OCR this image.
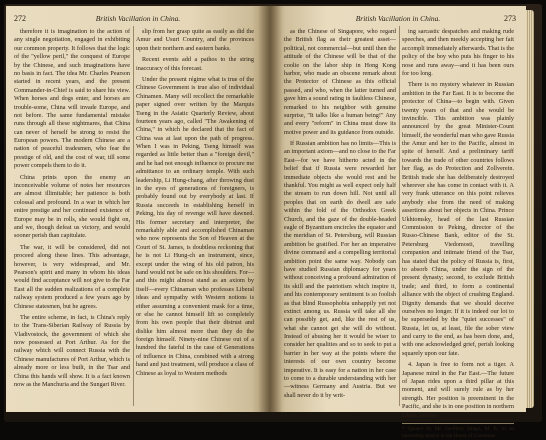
272	British Vacillation in China.

therefore it is imagination to the action of any single negotiation, engaged in exhibiting our common property. It follows that the logic of the "yellow peril," the conquest of Europe by the Chinese, and such imaginations have no basis in fact. The idea Mr. Charles Pearson started in recent years, and the present Commander-in-Chief is said to share his view. When horses and dogs enter, and horses are trouble-some, China will invade Europe, and not before. The same fundamental mistake runs through all these nightmares, that China can never of herself be strong to resist the European powers. The modern Chinese are a nation of peaceful tradesmen, who fear the prestige of old, and the cost of war, till some power compels them to do it.

China prints upon the enemy an inconceivable volume of notes her resources are almost illimitable; her patience is both colossal and profound. In a war in which her entire prestige and her continued existence of Europe may be in rolls, she would fight on, and we, though defeat us victory, and would sooner perish than capitulate.

The war, it will be considered, did not proceed along these lines. This advantage, however, is very widespread, and Mr. Pearson's spirit and many in whom his ideas would find acceptance will not give to the Far East all the sudden realizations of a complete railway system produced a few years ago by Chinese statesmen, but he agrees.

The entire scheme, in fact, is China's reply to the Trans-Siberian Railway of Russia by Vladivostock, the government of which she now possessed at Port Arthur. As for the railway which will connect Russia with the Chinese manufactures of Port Arthur, which is already more or less built, in the Tsar and China this hands will show. It is a fact known now as the Manchuria and the Sungari River.

slip from her grasp quite as easily as did the Amur and Usuri Country, and the provinces upon their northern and eastern banks.

Recent events add a pathos to the string inaccuracy of this forecast.

Under the present régime what is true of the Chinese Government is true also of individual Chinamen. Many will recollect the remarkable paper signed over written by the Marquis Tseng in the Asiatic Quarterly Review, about fourteen years ago, called "The Awakening of China," in which he declared that the fact of China was at last upon the path of progress. When I was in Peking, Tseng himself was regarded as little better than a "foreign devil," and he had not enough influence to procure me admittance to an ordinary temple. With such leadership, Li Hung-chang, after throwing dust in the eyes of generations of foreigners, is probably found out by everybody at last. If Russia succeeds in establishing herself in Peking, his day of revenge will have dawned. His former secretary and interpreter, the remarkably able and accomplished Chinaman who now represents the Son of Heaven at the Court of St. James, is doubtless reckoning that he is not Li Hung-ch an instrument, since, except under the wing of his old patron, his hand would not be safe on his shoulders. For—and this might almost stand as an axiom by itself—every Chinaman who professes Liberal ideas and sympathy with Western notions is either assuming a convenient mask for a time, or else he cannot himself lift so completely from his own people that their distrust and dislike him almost more than they do the foreign himself. Ninety-nine Chinese out of a hundred the fateful in the case of Generations of influence in China, combined with a strong hand and just treatment, will produce a class of Chinese as loyal to Western methods

British Vacillation in China.	273

as the Chinese of Singapore, who regard the British flag as their greatest asset—political, not commercial—but until then the attitude of the Chinese will be that of the coolie on the labor ship in Hong Kong harbor, who made an obscene remark about the Protector of Chinese as this official passed, and who, when the latter turned and gave him a sound rating in faultless Chinese, remarked to his neighbor with genuine surprise, "It talks like a human being!" Any and every "reform" in China must draw its motive power and its guidance from outside.

If Russian ambition has no limits—This is an important axiom—and no close to the Far East—for we have hitherto acted in the belief that if Russia were rewarded her immediate objects she would rest and be thankful. You might as well expect only half the stream to run down hill. Not until all peoples that on earth do dwell are safe within the fold of the Orthodox Greek Church, and the gaze of the double-headed eagle of Byzantium encircles the equator and the meridian of St. Petersburg, will Russian ambition be gratified. For her an imperative divine command and a compelling territorial ambition point the same way. Nobody can have studied Russian diplomacy for years without conceiving a profound admiration of its skill and the patriotism which inspire it, and his contemporary sentiment is so foolish as that blind Russophobia unhappily yet not extinct among us. Russia will take all she can possibly get, and, like the rest of us, what she cannot get she will do without. Instead of abusing her it would be wiser to consider her qualities and so to seek to put a barrier in her way at the points where the interests of our own country become imperative. It is easy for a nation in her case to come to a durable understanding with her—witness Germany and Austria. But we shall never do it by writ-

ing sarcastic despatches and making rude speeches, and then meekly accepting her fait accompli immediately afterwards. That is the policy of the boy who puts his finger to his nose and runs away—and it has been ours for too long.

There is no mystery whatever in Russian ambition in the Far East. It is to become the protector of China—to begin with. Given twenty years of that and she would be invincible. This ambition was plainly announced by the great Minister-Count himself, the wonderful man who gave Russia the Amur and her to the Pacific, almost in spite of herself. And a preliminary tariff towards the trade of other countries follows her flag, as do Protection and Zollverein. British trade she has deliberately destroyed wherever she has come in contact with it. A very frank utterance on this point relieves anybody else from the need of making assertions about her objects in China. Prince Ukhtomsky, head of the last Russian Commission to Peking, director of the Russo-Chinese Bank, editor of the St. Petersburg Viedomosti, travelling companion and intimate friend of the Tsar, has stated that the policy of Russia is, first, to absorb China, under the sign of the present dynasty; second, to exclude British trade; and third, to form a continental alliance with the object of crushing England. Dignity demands that we should deceive ourselves no longer. If it is indeed our lot to be superseded by the "quiet successes" of Russia, let us, at least, file the sober view and carry to the end, as has been done, and, with one acknowledged grief, perish looking squarely upon our fate.

4. Japan is free to form not a tiger. A Japanese mind in the Far East.—The future of Japan rides upon a third pillar at this moment, and will surely rule as by her strength. Her position is preeminent in the Pacific, and she is in one position in northern China, and in-

* Quoted by Mr. Geoffrey Drage, M. P., in an interesting speech in the House of Commons.
